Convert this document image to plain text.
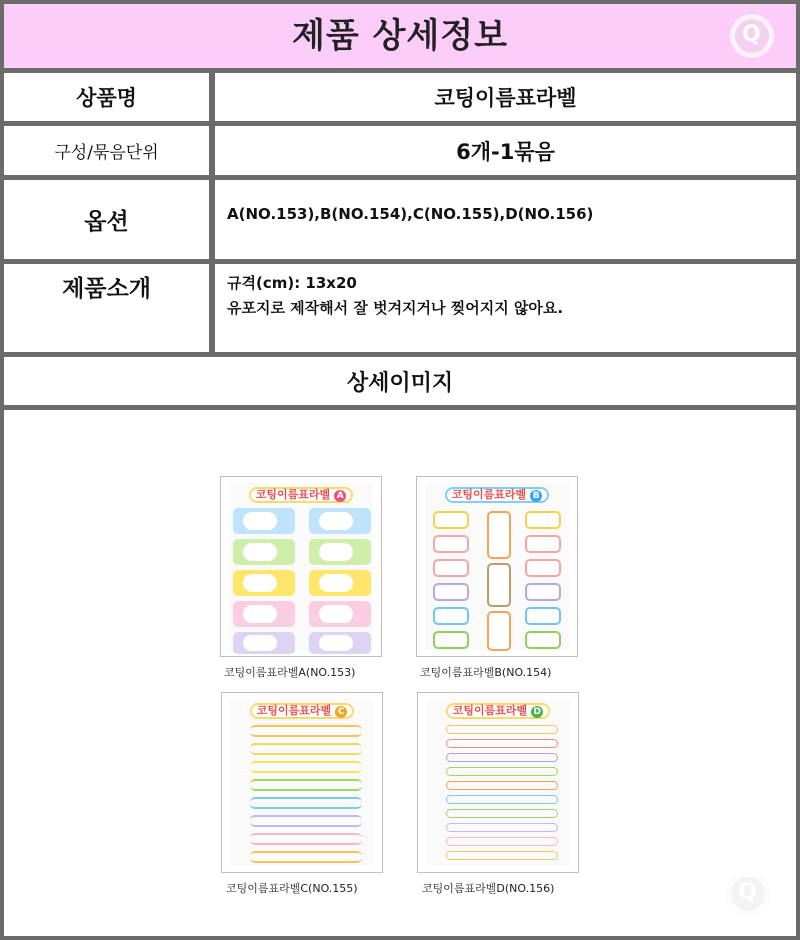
제품 상세정보	Q
상품명	코팅이름표라벨
구성/묶음단위	6개-1묶음
옵션	A(NO.153),B(NO.154),C(NO.155),D(NO.156)
제품소개	규격(cm): 13x20
유포지로 제작해서 잘 벗겨지거나 찢어지지 않아요.
상세이미지
코팅이름표라벨 A
코팅이름표라벨A(NO.153)
코팅이름표라벨 B
코팅이름표라벨B(NO.154)
코팅이름표라벨 C
코팅이름표라벨C(NO.155)
코팅이름표라벨 D
코팅이름표라벨D(NO.156)	Q
